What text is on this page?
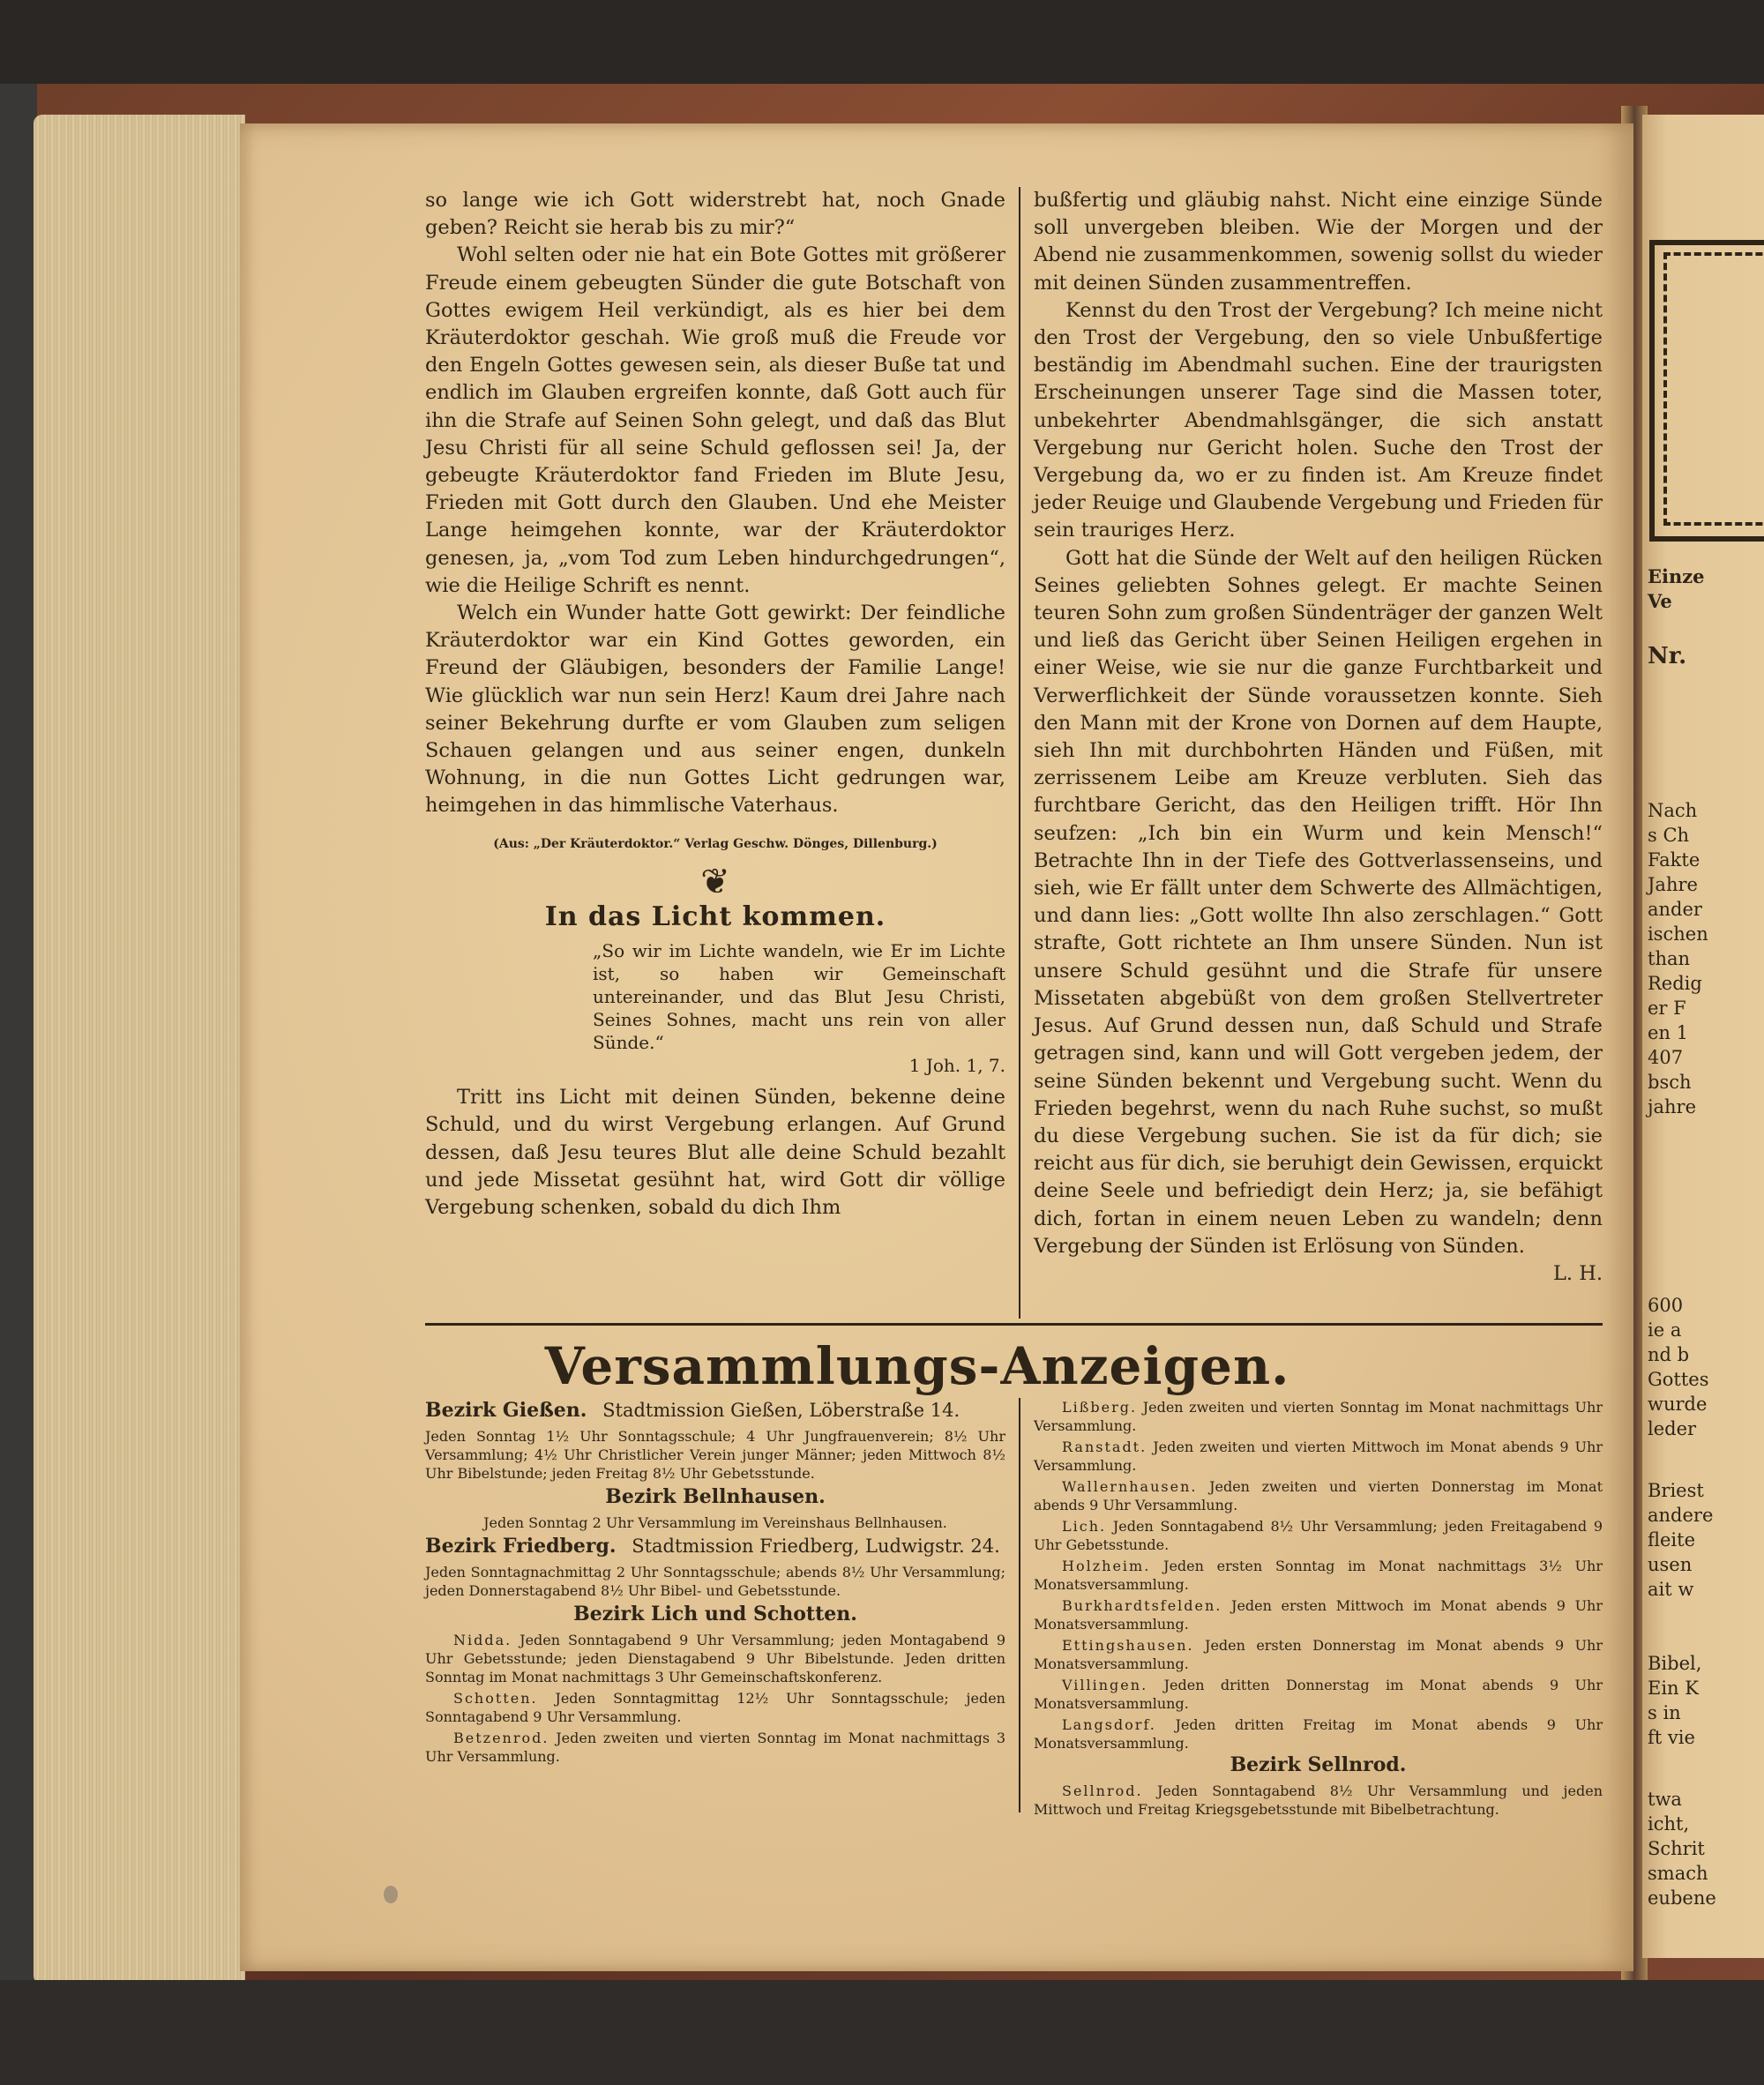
Einze
Ve
Nr.
Nach
s Ch
Fakte
Jahre
ander
ischen
than
Redig
er F
en 1
407
bsch
jahre
600
ie a
nd b
Gottes
wurde
leder
Briest
andere
fleite
usen
ait w
Bibel,
Ein K
s in
ft vie
twa
icht,
Schrit
smach
eubene

so lange wie ich Gott widerstrebt hat, noch Gnade geben? Reicht sie herab bis zu mir?“

Wohl selten oder nie hat ein Bote Gottes mit größerer Freude einem gebeugten Sünder die gute Botschaft von Gottes ewigem Heil verkündigt, als es hier bei dem Kräuterdoktor geschah. Wie groß muß die Freude vor den Engeln Gottes gewesen sein, als dieser Buße tat und endlich im Glauben ergreifen konnte, daß Gott auch für ihn die Strafe auf Seinen Sohn gelegt, und daß das Blut Jesu Christi für all seine Schuld geflossen sei! Ja, der gebeugte Kräuterdoktor fand Frieden im Blute Jesu, Frieden mit Gott durch den Glauben. Und ehe Meister Lange heimgehen konnte, war der Kräuterdoktor genesen, ja, „vom Tod zum Leben hindurchgedrungen“, wie die Heilige Schrift es nennt.

Welch ein Wunder hatte Gott gewirkt: Der feindliche Kräuterdoktor war ein Kind Gottes geworden, ein Freund der Gläubigen, besonders der Familie Lange! Wie glücklich war nun sein Herz! Kaum drei Jahre nach seiner Bekehrung durfte er vom Glauben zum seligen Schauen gelangen und aus seiner engen, dunkeln Wohnung, in die nun Gottes Licht gedrungen war, heimgehen in das himmlische Vaterhaus.

(Aus: „Der Kräuterdoktor.“ Verlag Geschw. Dönges, Dillenburg.)
❦
In das Licht kommen.
„So wir im Lichte wandeln, wie Er im Lichte ist, so haben wir Gemeinschaft untereinander, und das Blut Jesu Christi, Seines Sohnes, macht uns rein von aller Sünde.“
1 Joh. 1, 7.

Tritt ins Licht mit deinen Sünden, bekenne deine Schuld, und du wirst Vergebung erlangen. Auf Grund dessen, daß Jesu teures Blut alle deine Schuld bezahlt und jede Missetat gesühnt hat, wird Gott dir völlige Vergebung schenken, sobald du dich Ihm

bußfertig und gläubig nahst. Nicht eine einzige Sünde soll unvergeben bleiben. Wie der Morgen und der Abend nie zusammenkommen, sowenig sollst du wieder mit deinen Sünden zusammentreffen.

Kennst du den Trost der Vergebung? Ich meine nicht den Trost der Vergebung, den so viele Unbußfertige beständig im Abendmahl suchen. Eine der traurigsten Erscheinungen unserer Tage sind die Massen toter, unbekehrter Abendmahlsgänger, die sich anstatt Vergebung nur Gericht holen. Suche den Trost der Vergebung da, wo er zu finden ist. Am Kreuze findet jeder Reuige und Glaubende Vergebung und Frieden für sein trauriges Herz.

Gott hat die Sünde der Welt auf den heiligen Rücken Seines geliebten Sohnes gelegt. Er machte Seinen teuren Sohn zum großen Sündenträger der ganzen Welt und ließ das Gericht über Seinen Heiligen ergehen in einer Weise, wie sie nur die ganze Furchtbarkeit und Verwerflichkeit der Sünde voraussetzen konnte. Sieh den Mann mit der Krone von Dornen auf dem Haupte, sieh Ihn mit durchbohrten Händen und Füßen, mit zerrissenem Leibe am Kreuze verbluten. Sieh das furchtbare Gericht, das den Heiligen trifft. Hör Ihn seufzen: „Ich bin ein Wurm und kein Mensch!“ Betrachte Ihn in der Tiefe des Gottverlassenseins, und sieh, wie Er fällt unter dem Schwerte des Allmächtigen, und dann lies: „Gott wollte Ihn also zerschlagen.“ Gott strafte, Gott richtete an Ihm unsere Sünden. Nun ist unsere Schuld gesühnt und die Strafe für unsere Missetaten abgebüßt von dem großen Stellvertreter Jesus. Auf Grund dessen nun, daß Schuld und Strafe getragen sind, kann und will Gott vergeben jedem, der seine Sünden bekennt und Vergebung sucht. Wenn du Frieden begehrst, wenn du nach Ruhe suchst, so mußt du diese Vergebung suchen. Sie ist da für dich; sie reicht aus für dich, sie beruhigt dein Gewissen, erquickt deine Seele und befriedigt dein Herz; ja, sie befähigt dich, fortan in einem neuen Leben zu wandeln; denn Vergebung der Sünden ist Erlösung von Sünden.

L. H.
Versammlungs-Anzeigen.
Bezirk Gießen. Stadtmission Gießen, Löberstraße 14.

Jeden Sonntag 1½ Uhr Sonntagsschule; 4 Uhr Jungfrauenverein; 8½ Uhr Versammlung; 4½ Uhr Christlicher Verein junger Männer; jeden Mittwoch 8½ Uhr Bibelstunde; jeden Freitag 8½ Uhr Gebetsstunde.

Bezirk Bellnhausen.

Jeden Sonntag 2 Uhr Versammlung im Vereinshaus Bellnhausen.

Bezirk Friedberg. Stadtmission Friedberg, Ludwigstr. 24.

Jeden Sonntagnachmittag 2 Uhr Sonntagsschule; abends 8½ Uhr Versammlung; jeden Donnerstagabend 8½ Uhr Bibel- und Gebetsstunde.

Bezirk Lich und Schotten.

Nidda. Jeden Sonntagabend 9 Uhr Versammlung; jeden Montagabend 9 Uhr Gebetsstunde; jeden Dienstagabend 9 Uhr Bibelstunde. Jeden dritten Sonntag im Monat nachmittags 3 Uhr Gemeinschaftskonferenz.

Schotten. Jeden Sonntagmittag 12½ Uhr Sonntagsschule; jeden Sonntagabend 9 Uhr Versammlung.

Betzenrod. Jeden zweiten und vierten Sonntag im Monat nachmittags 3 Uhr Versammlung.

Lißberg. Jeden zweiten und vierten Sonntag im Monat nachmittags Uhr Versammlung.

Ranstadt. Jeden zweiten und vierten Mittwoch im Monat abends 9 Uhr Versammlung.

Wallernhausen. Jeden zweiten und vierten Donnerstag im Monat abends 9 Uhr Versammlung.

Lich. Jeden Sonntagabend 8½ Uhr Versammlung; jeden Freitagabend 9 Uhr Gebetsstunde.

Holzheim. Jeden ersten Sonntag im Monat nachmittags 3½ Uhr Monatsversammlung.

Burkhardtsfelden. Jeden ersten Mittwoch im Monat abends 9 Uhr Monatsversammlung.

Ettingshausen. Jeden ersten Donnerstag im Monat abends 9 Uhr Monatsversammlung.

Villingen. Jeden dritten Donnerstag im Monat abends 9 Uhr Monatsversammlung.

Langsdorf. Jeden dritten Freitag im Monat abends 9 Uhr Monatsversammlung.

Bezirk Sellnrod.

Sellnrod. Jeden Sonntagabend 8½ Uhr Versammlung und jeden Mittwoch und Freitag Kriegsgebetsstunde mit Bibelbetrachtung.
